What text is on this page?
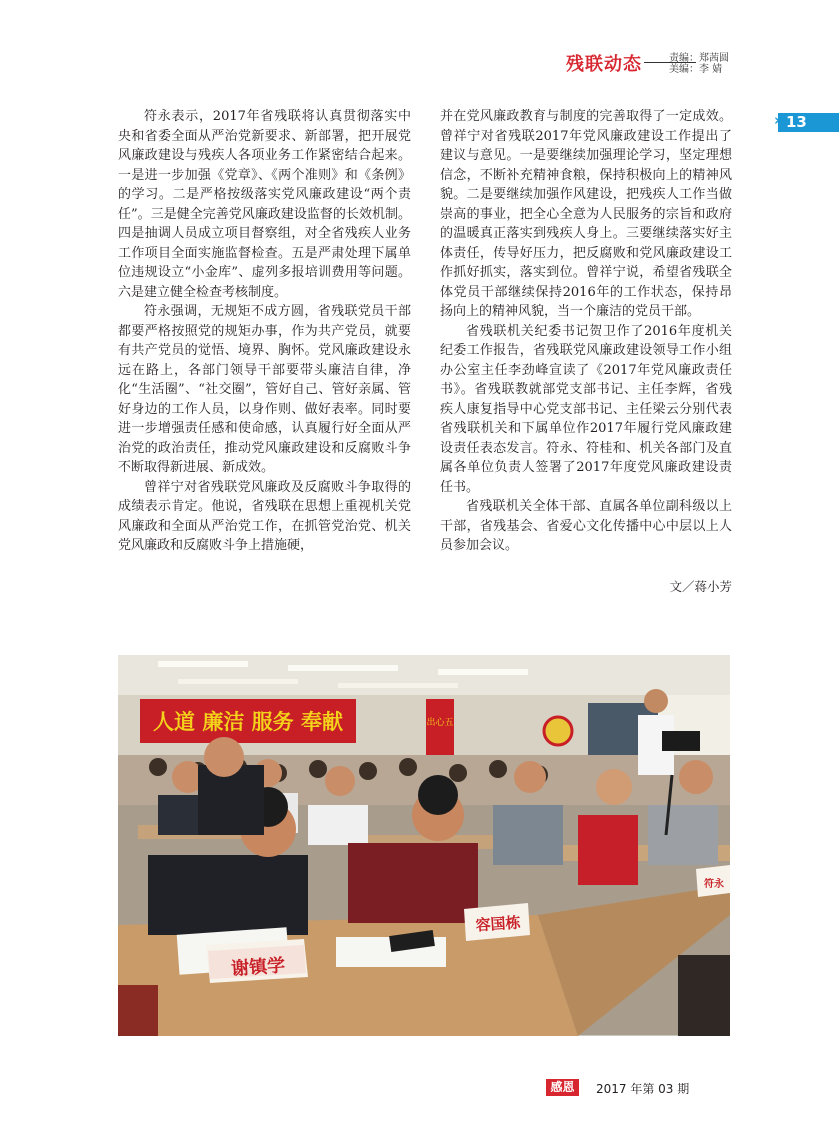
残联动态	责编：郑茜圆
美编：李 婧
» 13

符永表示，2017年省残联将认真贯彻落实中央和省委全面从严治党新要求、新部署，把开展党风廉政建设与残疾人各项业务工作紧密结合起来。一是进一步加强《党章》、《两个准则》和《条例》的学习。二是严格按级落实党风廉政建设“两个责任”。三是健全完善党风廉政建设监督的长效机制。四是抽调人员成立项目督察组，对全省残疾人业务工作项目全面实施监督检查。五是严肃处理下属单位违规设立“小金库”、虚列多报培训费用等问题。六是建立健全检查考核制度。

符永强调，无规矩不成方圆，省残联党员干部都要严格按照党的规矩办事，作为共产党员，就要有共产党员的觉悟、境界、胸怀。党风廉政建设永远在路上，各部门领导干部要带头廉洁自律，净化“生活圈”、“社交圈”，管好自己、管好亲属、管好身边的工作人员，以身作则、做好表率。同时要进一步增强责任感和使命感，认真履行好全面从严治党的政治责任，推动党风廉政建设和反腐败斗争不断取得新进展、新成效。

曾祥宁对省残联党风廉政及反腐败斗争取得的成绩表示肯定。他说，省残联在思想上重视机关党风廉政和全面从严治党工作，在抓管党治党、机关党风廉政和反腐败斗争上措施硬，

并在党风廉政教育与制度的完善取得了一定成效。曾祥宁对省残联2017年党风廉政建设工作提出了建议与意见。一是要继续加强理论学习，坚定理想信念，不断补充精神食粮，保持积极向上的精神风貌。二是要继续加强作风建设，把残疾人工作当做崇高的事业，把全心全意为人民服务的宗旨和政府的温暖真正落实到残疾人身上。三要继续落实好主体责任，传导好压力，把反腐败和党风廉政建设工作抓好抓实，落实到位。曾祥宁说，希望省残联全体党员干部继续保持2016年的工作状态，保持昂扬向上的精神风貌，当一个廉洁的党员干部。

省残联机关纪委书记贺卫作了2016年度机关纪委工作报告，省残联党风廉政建设领导工作小组办公室主任李劲峰宣读了《2017年党风廉政责任书》。省残联教就部党支部书记、主任李辉，省残疾人康复指导中心党支部书记、主任梁云分别代表省残联机关和下属单位作2017年履行党风廉政建设责任表态发言。符永、符桂和、机关各部门及直属各单位负责人签署了2017年度党风廉政建设责任书。

省残联机关全体干部、直属各单位副科级以上干部，省残基会、省爱心文化传播中心中层以上人员参加会议。

文／蒋小芳
人道 廉洁 服务 奉献	出心五
谢镇学
容国栋
符永
感恩	2017 年第 03 期
